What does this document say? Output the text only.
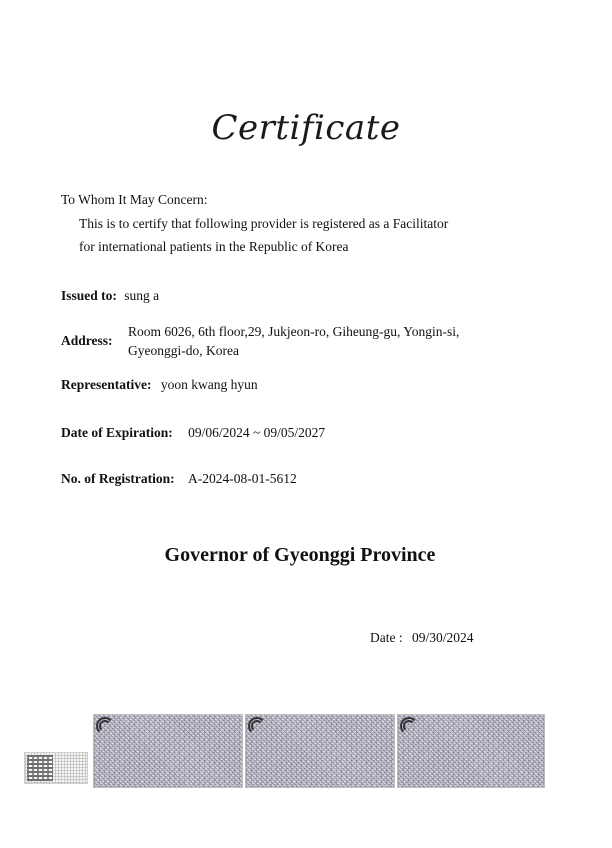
Certificate
To Whom It May Concern:
This is to certify that following provider is registered as a Facilitator
for international patients in the Republic of Korea
Issued to: sung a
Address:
Room 6026, 6th floor,29, Jukjeon-ro, Giheung-gu, Yongin-si,
Gyeonggi-do, Korea
Representative: yoon kwang hyun
Date of Expiration: 09/06/2024 ~ 09/05/2027
No. of Registration: A-2024-08-01-5612
Governor of Gyeonggi Province
Date : 09/30/2024
